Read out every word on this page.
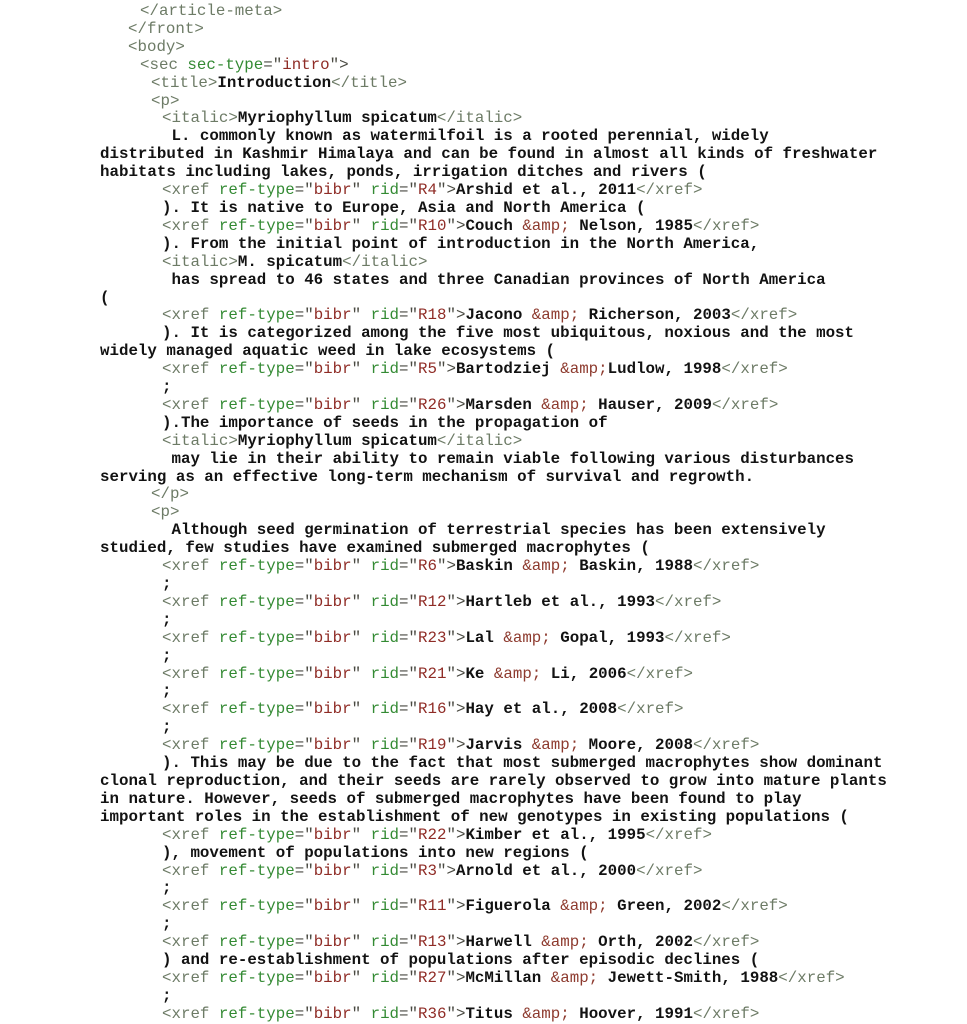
</article-meta>
</front>
<body>
<sec sec-type="intro">
<title>Introduction</title>
<p>
<italic>Myriophyllum spicatum</italic>
L. commonly known as watermilfoil is a rooted perennial, widely
distributed in Kashmir Himalaya and can be found in almost all kinds of freshwater
habitats including lakes, ponds, irrigation ditches and rivers (
<xref ref-type="bibr" rid="R4">Arshid et al., 2011</xref>
). It is native to Europe, Asia and North America (
<xref ref-type="bibr" rid="R10">Couch &amp; Nelson, 1985</xref>
). From the initial point of introduction in the North America,
<italic>M. spicatum</italic>
has spread to 46 states and three Canadian provinces of North America
(
<xref ref-type="bibr" rid="R18">Jacono &amp; Richerson, 2003</xref>
). It is categorized among the five most ubiquitous, noxious and the most
widely managed aquatic weed in lake ecosystems (
<xref ref-type="bibr" rid="R5">Bartodziej &amp;Ludlow, 1998</xref>
;
<xref ref-type="bibr" rid="R26">Marsden &amp; Hauser, 2009</xref>
).The importance of seeds in the propagation of
<italic>Myriophyllum spicatum</italic>
may lie in their ability to remain viable following various disturbances
serving as an effective long-term mechanism of survival and regrowth.
</p>
<p>
Although seed germination of terrestrial species has been extensively
studied, few studies have examined submerged macrophytes (
<xref ref-type="bibr" rid="R6">Baskin &amp; Baskin, 1988</xref>
;
<xref ref-type="bibr" rid="R12">Hartleb et al., 1993</xref>
;
<xref ref-type="bibr" rid="R23">Lal &amp; Gopal, 1993</xref>
;
<xref ref-type="bibr" rid="R21">Ke &amp; Li, 2006</xref>
;
<xref ref-type="bibr" rid="R16">Hay et al., 2008</xref>
;
<xref ref-type="bibr" rid="R19">Jarvis &amp; Moore, 2008</xref>
). This may be due to the fact that most submerged macrophytes show dominant
clonal reproduction, and their seeds are rarely observed to grow into mature plants
in nature. However, seeds of submerged macrophytes have been found to play
important roles in the establishment of new genotypes in existing populations (
<xref ref-type="bibr" rid="R22">Kimber et al., 1995</xref>
), movement of populations into new regions (
<xref ref-type="bibr" rid="R3">Arnold et al., 2000</xref>
;
<xref ref-type="bibr" rid="R11">Figuerola &amp; Green, 2002</xref>
;
<xref ref-type="bibr" rid="R13">Harwell &amp; Orth, 2002</xref>
) and re-establishment of populations after episodic declines (
<xref ref-type="bibr" rid="R27">McMillan &amp; Jewett-Smith, 1988</xref>
;
<xref ref-type="bibr" rid="R36">Titus &amp; Hoover, 1991</xref>
